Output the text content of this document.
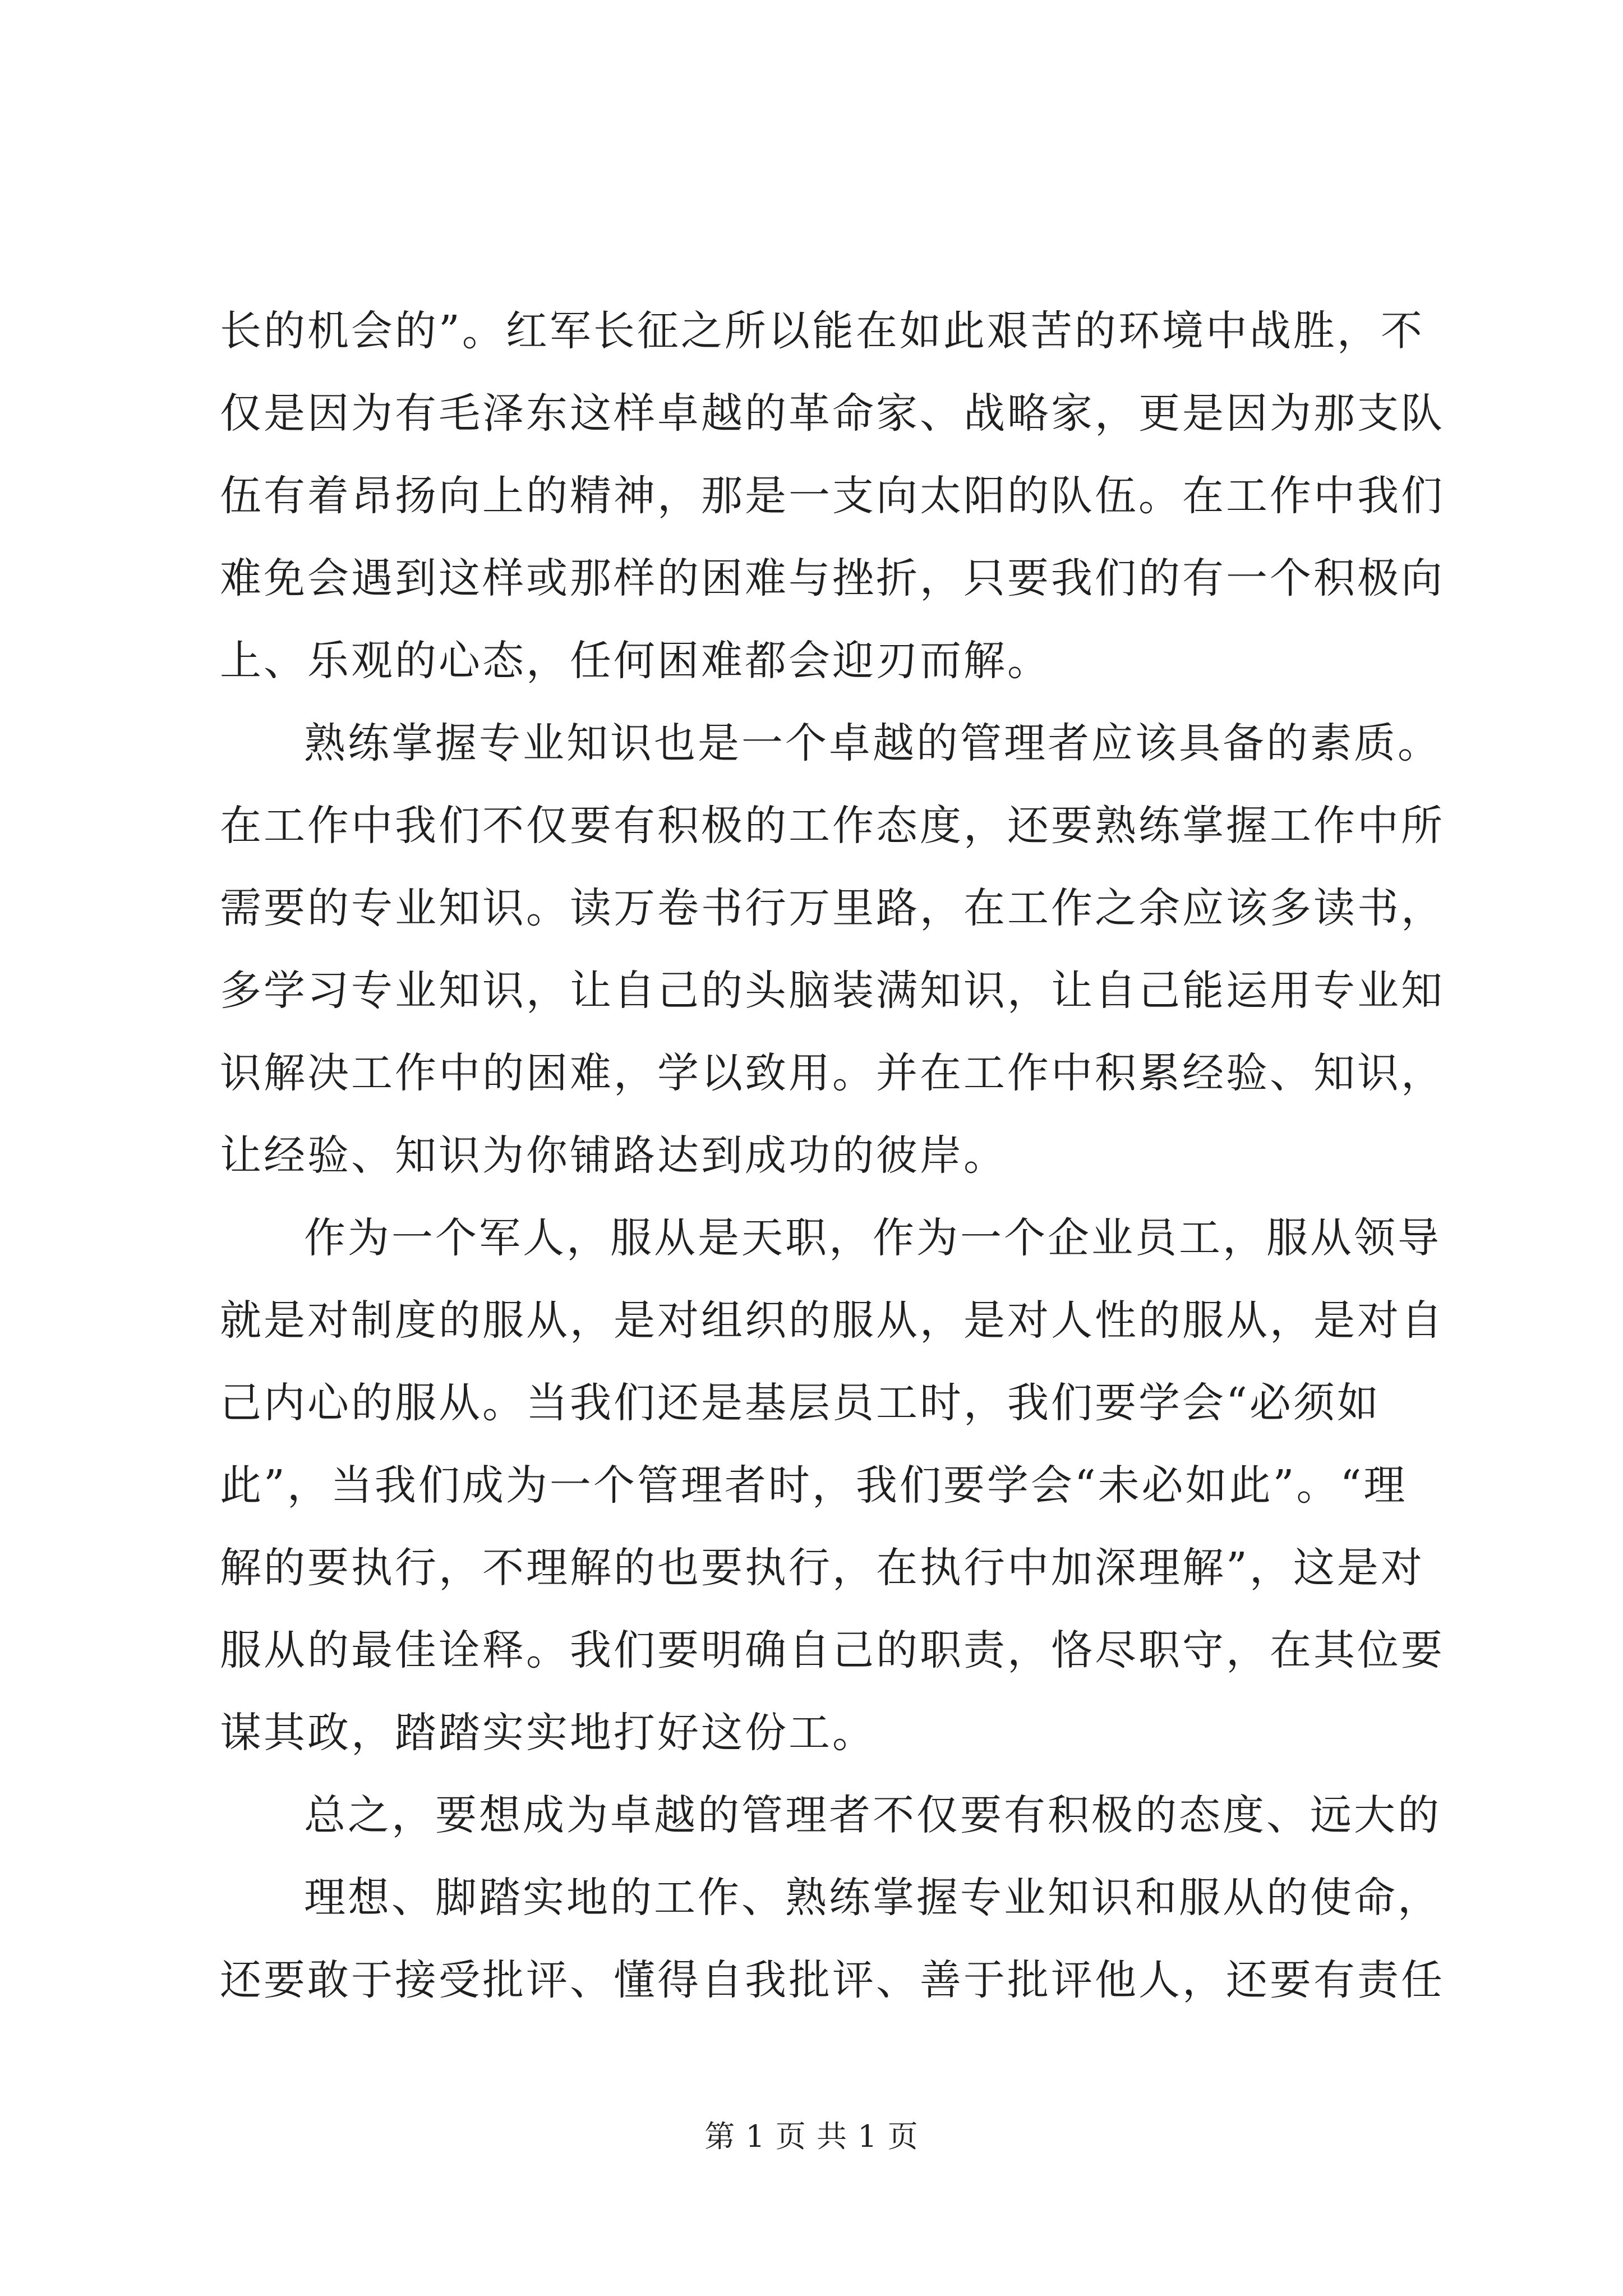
长的机会的”。红军长征之所以能在如此艰苦的环境中战胜，不
仅是因为有毛泽东这样卓越的革命家、战略家，更是因为那支队
伍有着昂扬向上的精神，那是一支向太阳的队伍。在工作中我们
难免会遇到这样或那样的困难与挫折，只要我们的有一个积极向
上、乐观的心态，任何困难都会迎刃而解。
熟练掌握专业知识也是一个卓越的管理者应该具备的素质。
在工作中我们不仅要有积极的工作态度，还要熟练掌握工作中所
需要的专业知识。读万卷书行万里路，在工作之余应该多读书，
多学习专业知识，让自己的头脑装满知识，让自己能运用专业知
识解决工作中的困难，学以致用。并在工作中积累经验、知识，
让经验、知识为你铺路达到成功的彼岸。
作为一个军人，服从是天职，作为一个企业员工，服从领导
就是对制度的服从，是对组织的服从，是对人性的服从，是对自
己内心的服从。当我们还是基层员工时，我们要学会“必须如
此”，当我们成为一个管理者时，我们要学会“未必如此”。“理
解的要执行，不理解的也要执行，在执行中加深理解”，这是对
服从的最佳诠释。我们要明确自己的职责，恪尽职守，在其位要
谋其政，踏踏实实地打好这份工。
总之，要想成为卓越的管理者不仅要有积极的态度、远大的
理想、脚踏实地的工作、熟练掌握专业知识和服从的使命，
还要敢于接受批评、懂得自我批评、善于批评他人，还要有责任
第 1 页 共 1 页
